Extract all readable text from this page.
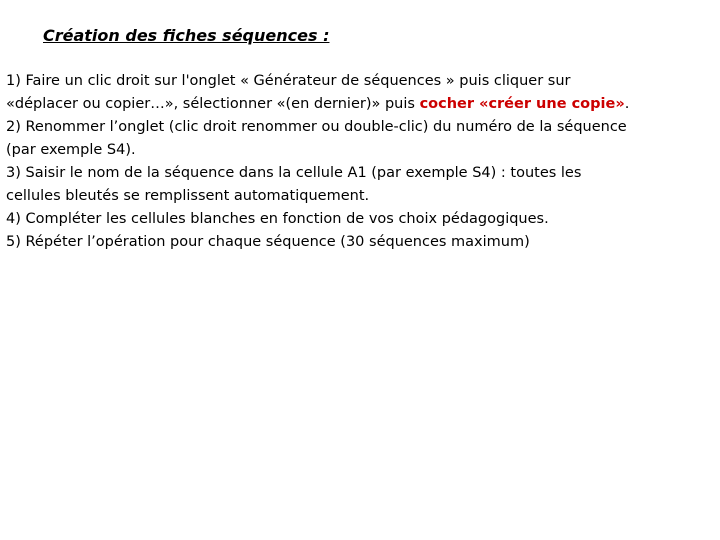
Création des fiches séquences :
1) Faire un clic droit sur l'onglet « Générateur de séquences » puis cliquer sur
«déplacer ou copier…», sélectionner «(en dernier)» puis cocher «créer une copie».
2) Renommer l’onglet (clic droit renommer ou double-clic) du numéro de la séquence
(par exemple S4).
3) Saisir le nom de la séquence dans la cellule A1 (par exemple S4) : toutes les
cellules bleutés se remplissent automatiquement.
4) Compléter les cellules blanches en fonction de vos choix pédagogiques.
5) Répéter l’opération pour chaque séquence (30 séquences maximum)
